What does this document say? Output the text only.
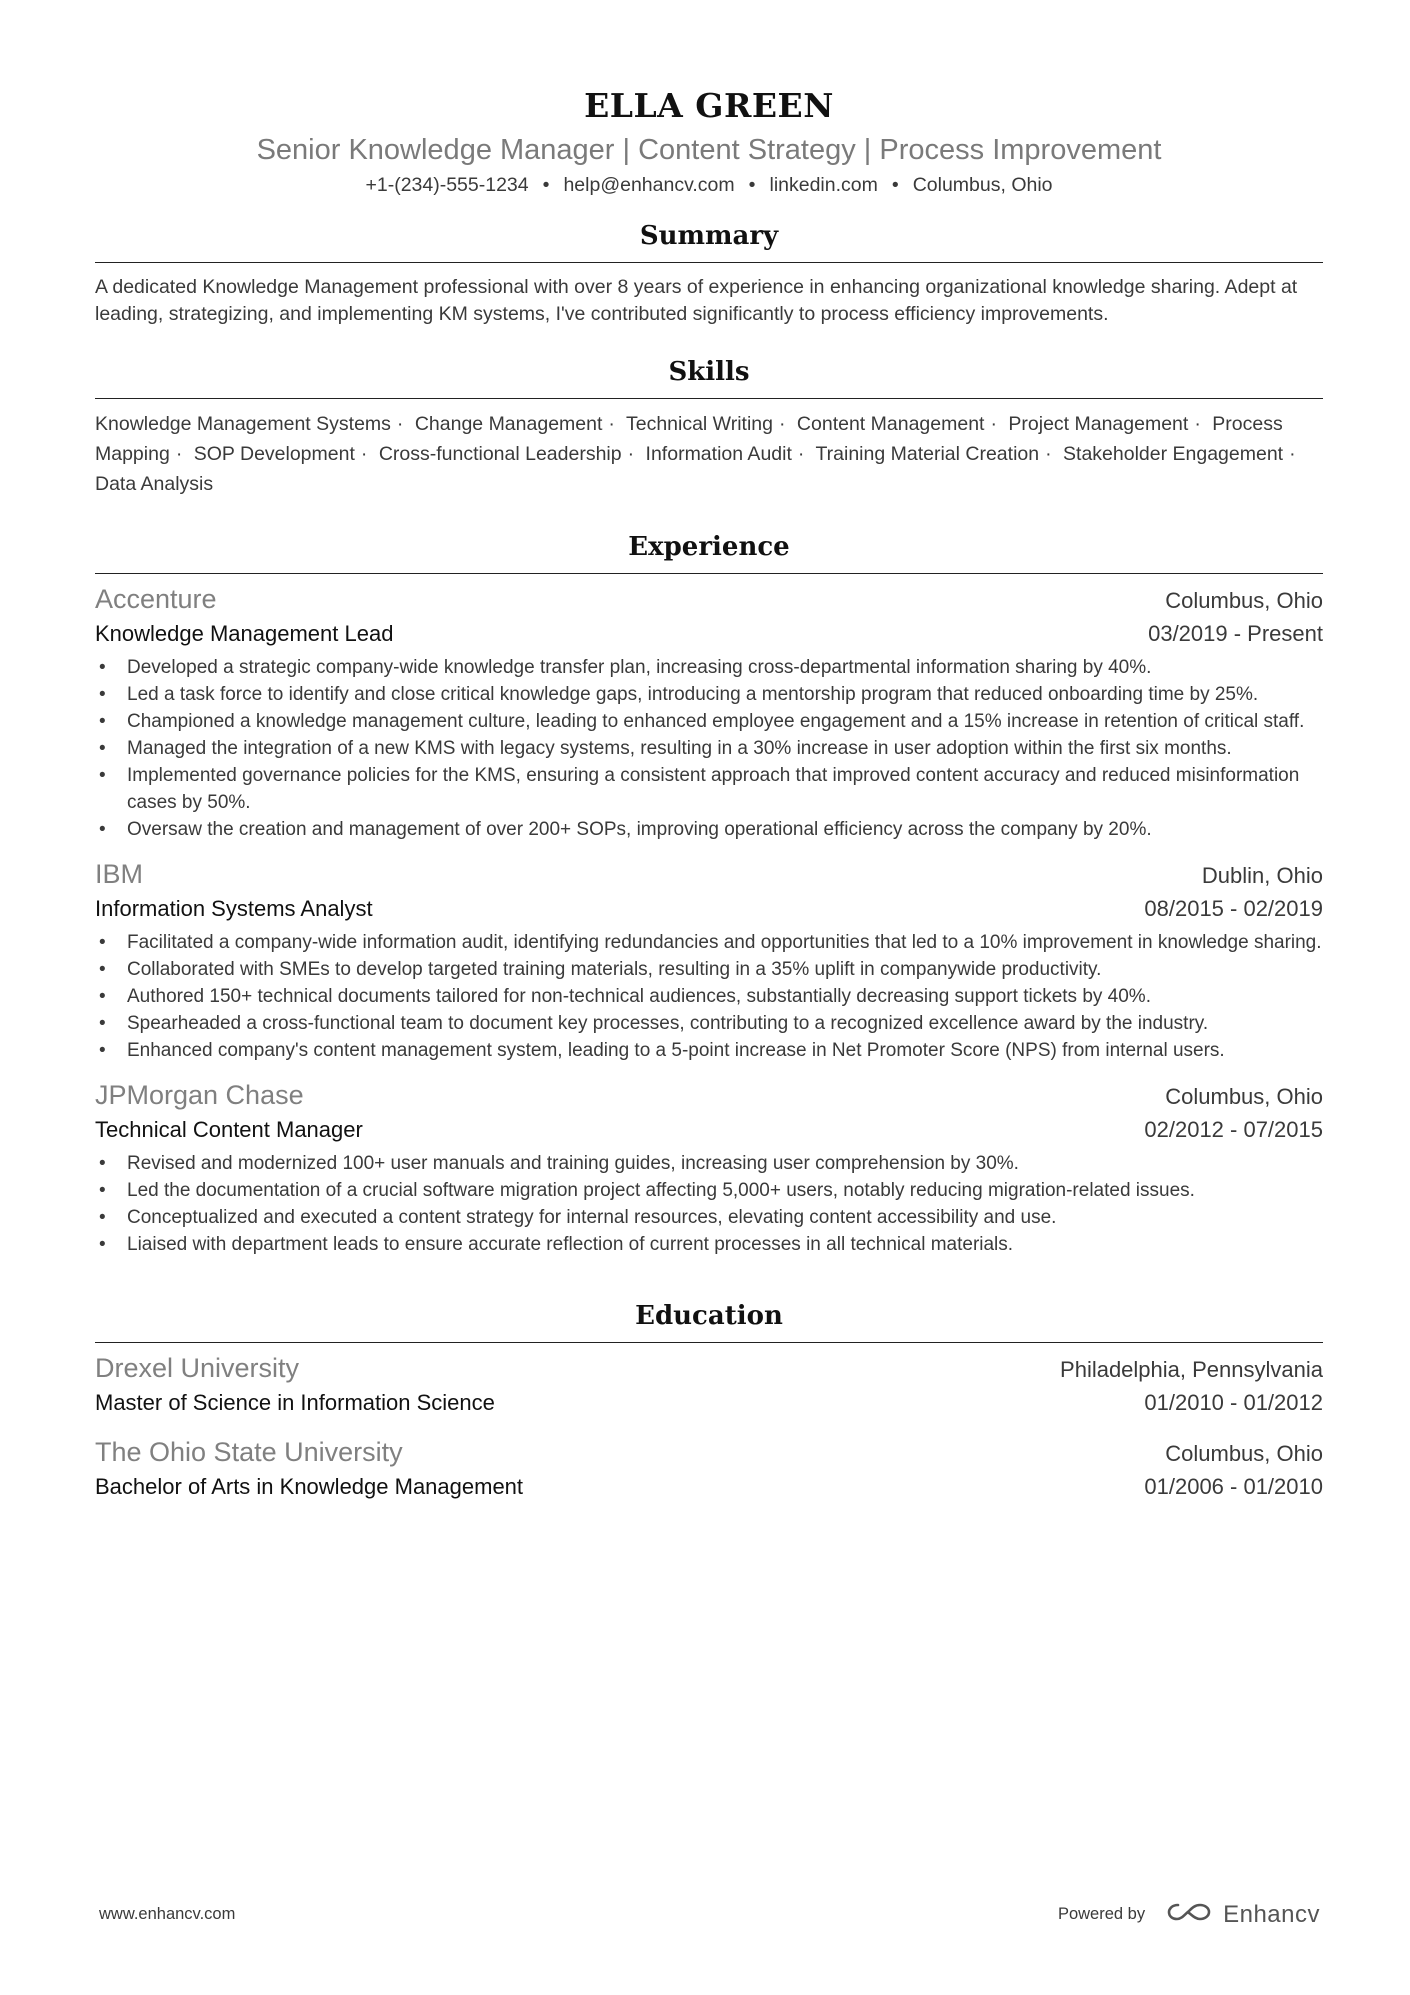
ELLA GREEN
Senior Knowledge Manager | Content Strategy | Process Improvement
+1-(234)-555-1234 • help@enhancv.com • linkedin.com • Columbus, Ohio
Summary
A dedicated Knowledge Management professional with over 8 years of experience in enhancing organizational knowledge sharing. Adept at leading, strategizing, and implementing KM systems, I've contributed significantly to process efficiency improvements.
Skills
Knowledge Management Systems · Change Management · Technical Writing · Content Management · Project Management · Process Mapping · SOP Development · Cross-functional Leadership · Information Audit · Training Material Creation · Stakeholder Engagement · Data Analysis
Experience
Accenture	Columbus, Ohio
Knowledge Management Lead	03/2019 - Present
• Developed a strategic company-wide knowledge transfer plan, increasing cross-departmental information sharing by 40%.
• Led a task force to identify and close critical knowledge gaps, introducing a mentorship program that reduced onboarding time by 25%.
• Championed a knowledge management culture, leading to enhanced employee engagement and a 15% increase in retention of critical staff.
• Managed the integration of a new KMS with legacy systems, resulting in a 30% increase in user adoption within the first six months.
• Implemented governance policies for the KMS, ensuring a consistent approach that improved content accuracy and reduced misinformation cases by 50%.
• Oversaw the creation and management of over 200+ SOPs, improving operational efficiency across the company by 20%.
IBM	Dublin, Ohio
Information Systems Analyst	08/2015 - 02/2019
• Facilitated a company-wide information audit, identifying redundancies and opportunities that led to a 10% improvement in knowledge sharing.
• Collaborated with SMEs to develop targeted training materials, resulting in a 35% uplift in companywide productivity.
• Authored 150+ technical documents tailored for non-technical audiences, substantially decreasing support tickets by 40%.
• Spearheaded a cross-functional team to document key processes, contributing to a recognized excellence award by the industry.
• Enhanced company's content management system, leading to a 5-point increase in Net Promoter Score (NPS) from internal users.
JPMorgan Chase	Columbus, Ohio
Technical Content Manager	02/2012 - 07/2015
• Revised and modernized 100+ user manuals and training guides, increasing user comprehension by 30%.
• Led the documentation of a crucial software migration project affecting 5,000+ users, notably reducing migration-related issues.
• Conceptualized and executed a content strategy for internal resources, elevating content accessibility and use.
• Liaised with department leads to ensure accurate reflection of current processes in all technical materials.
Education
Drexel University	Philadelphia, Pennsylvania
Master of Science in Information Science	01/2010 - 01/2012
The Ohio State University	Columbus, Ohio
Bachelor of Arts in Knowledge Management	01/2006 - 01/2010
www.enhancv.com	Powered by	Enhancv
